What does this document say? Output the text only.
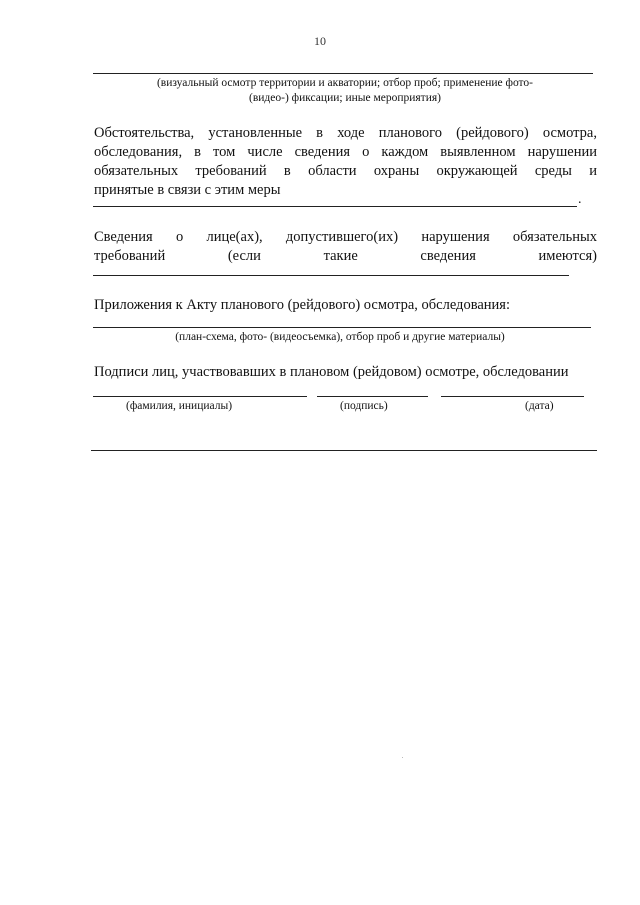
10
(визуальный осмотр территории и акватории; отбор проб; применение фото-
(видео-) фиксации; иные мероприятия)
Обстоятельства, установленные в ходе планового (рейдового) осмотра,
обследования, в том числе сведения о каждом выявленном нарушении
обязательных требований в области охраны окружающей среды и
принятые в связи с этим меры
.
Сведения о лице(ах), допустившего(их) нарушения обязательных
требований (если такие сведения имеются)
Приложения к Акту планового (рейдового) осмотра, обследования:
(план-схема, фото- (видеосъемка), отбор проб и другие материалы)
Подписи лиц, участвовавших в плановом (рейдовом) осмотре, обследовании
(фамилия, инициалы)	(подпись)	(дата)
